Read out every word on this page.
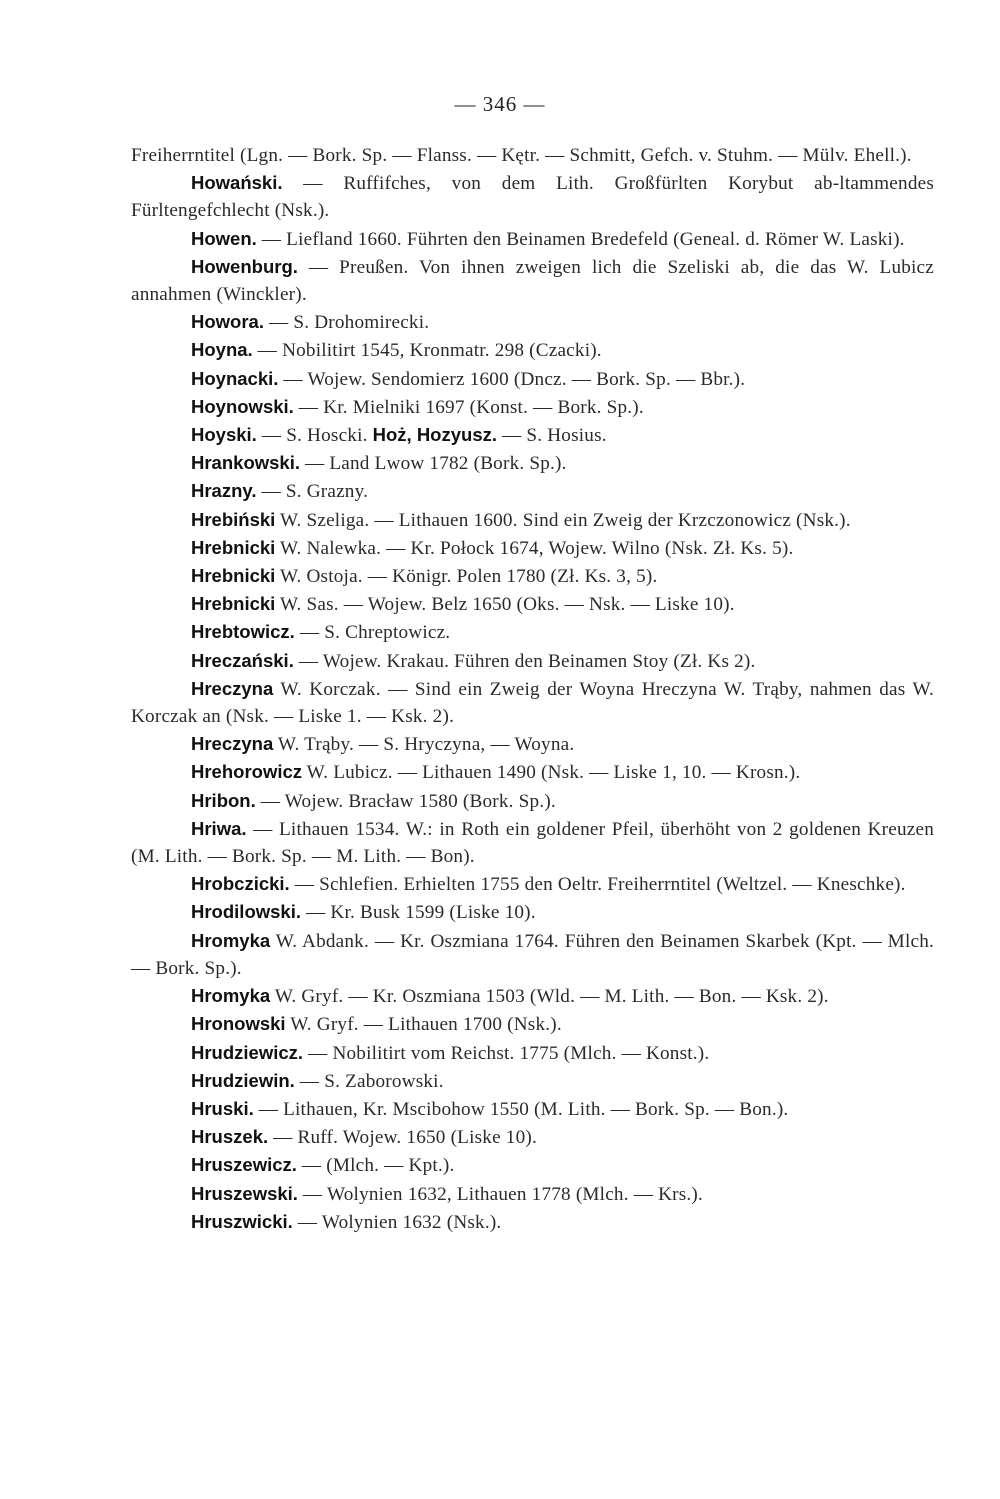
— 346 —

Freiherrntitel (Lgn. — Bork. Sp. — Flanss. — Kętr. — Schmitt, Gefch. v. Stuhm. — Mülv. Ehell.).

Howański. — Ruffifches, von dem Lith. Großfürlten Korybut ab-ltammendes Fürltengefchlecht (Nsk.).

Howen. — Liefland 1660. Führten den Beinamen Bredefeld (Geneal. d. Römer W. Laski).

Howenburg. — Preußen. Von ihnen zweigen lich die Szeliski ab, die das W. Lubicz annahmen (Winckler).

Howora. — S. Drohomirecki.

Hoyna. — Nobilitirt 1545, Kronmatr. 298 (Czacki).

Hoynacki. — Wojew. Sendomierz 1600 (Dncz. — Bork. Sp. — Bbr.).

Hoynowski. — Kr. Mielniki 1697 (Konst. — Bork. Sp.).

Hoyski. — S. Hoscki. Hoż, Hozyusz. — S. Hosius.

Hrankowski. — Land Lwow 1782 (Bork. Sp.).

Hrazny. — S. Grazny.

Hrebiński W. Szeliga. — Lithauen 1600. Sind ein Zweig der Krzczonowicz (Nsk.).

Hrebnicki W. Nalewka. — Kr. Połock 1674, Wojew. Wilno (Nsk. Zł. Ks. 5).

Hrebnicki W. Ostoja. — Königr. Polen 1780 (Zł. Ks. 3, 5).

Hrebnicki W. Sas. — Wojew. Belz 1650 (Oks. — Nsk. — Liske 10).

Hrebtowicz. — S. Chreptowicz.

Hreczański. — Wojew. Krakau. Führen den Beinamen Stoy (Zł. Ks 2).

Hreczyna W. Korczak. — Sind ein Zweig der Woyna Hreczyna W. Trąby, nahmen das W. Korczak an (Nsk. — Liske 1. — Ksk. 2).

Hreczyna W. Trąby. — S. Hryczyna, — Woyna.

Hrehorowicz W. Lubicz. — Lithauen 1490 (Nsk. — Liske 1, 10. — Krosn.).

Hribon. — Wojew. Bracław 1580 (Bork. Sp.).

Hriwa. — Lithauen 1534. W.: in Roth ein goldener Pfeil, überhöht von 2 goldenen Kreuzen (M. Lith. — Bork. Sp. — M. Lith. — Bon).

Hrobczicki. — Schlefien. Erhielten 1755 den Oeltr. Freiherrntitel (Weltzel. — Kneschke).

Hrodilowski. — Kr. Busk 1599 (Liske 10).

Hromyka W. Abdank. — Kr. Oszmiana 1764. Führen den Beinamen Skarbek (Kpt. — Mlch. — Bork. Sp.).

Hromyka W. Gryf. — Kr. Oszmiana 1503 (Wld. — M. Lith. — Bon. — Ksk. 2).

Hronowski W. Gryf. — Lithauen 1700 (Nsk.).

Hrudziewicz. — Nobilitirt vom Reichst. 1775 (Mlch. — Konst.).

Hrudziewin. — S. Zaborowski.

Hruski. — Lithauen, Kr. Mscibohow 1550 (M. Lith. — Bork. Sp. — Bon.).

Hruszek. — Ruff. Wojew. 1650 (Liske 10).

Hruszewicz. — (Mlch. — Kpt.).

Hruszewski. — Wolynien 1632, Lithauen 1778 (Mlch. — Krs.).

Hruszwicki. — Wolynien 1632 (Nsk.).
